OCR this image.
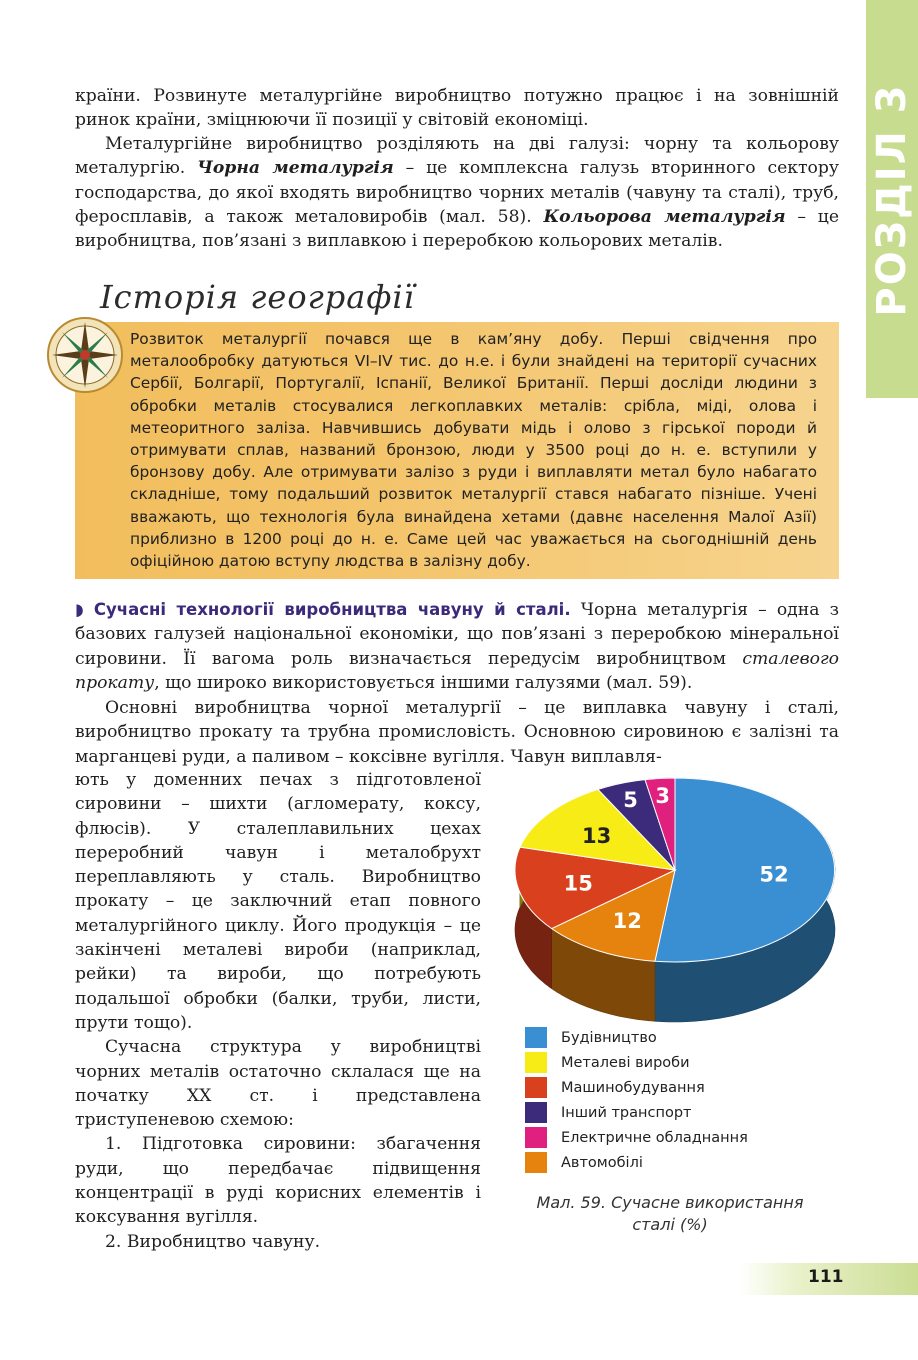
РОЗДІЛ 3

країни. Розвинуте металургійне виробництво потужно працює і на зовнішній ринок країни, зміцнюючи її позиції у світовій економіці.

Металургійне виробництво розділяють на дві галузі: чорну та кольорову металургію. Чорна металургія – це комплексна галузь вторинного сектору господарства, до якої входять виробництво чорних металів (чавуну та сталі), труб, феросплавів, а також металовиробів (мал. 58). Кольорова металургія – це виробництва, пов’язані з виплавкою і переробкою кольорових металів.

Історія географії

Розвиток металургії почався ще в кам’яну добу. Перші свідчення про металообробку датуються VI–IV тис. до н.е. і були знайдені на території сучасних Сербії, Болгарії, Португалії, Іспанії, Великої Британії. Перші досліди людини з обробки металів стосувалися легкоплавких металів: срібла, міді, олова і метеоритного заліза. Навчившись добувати мідь і олово з гірської породи й отримувати сплав, названий бронзою, люди у 3500 році до н. е. вступили у бронзову добу. Але отримувати залізо з руди і виплавляти метал було набагато складніше, тому подальший розвиток металургії стався набагато пізніше. Учені вважають, що технологія була винайдена хетами (давнє населення Малої Азії) приблизно в 1200 році до н. е. Саме цей час уважається на сьогоднішній день офіційною датою вступу людства в залізну добу.

◗ Сучасні технології виробництва чавуну й сталі. Чорна металургія – одна з базових галузей національної економіки, що пов’язані з переробкою мінеральної сировини. Її вагома роль визначається передусім виробництвом сталевого прокату, що широко використовується іншими галузями (мал. 59).

Основні виробництва чорної металургії – це виплавка чавуну і сталі, виробництво прокату та трубна промисловість. Основною сировиною є залізні та марганцеві руди, а паливом – коксівне вугілля. Чавун виплавля-

ють у доменних печах з підготовленої сировини – шихти (агломерату, коксу, флюсів). У сталеплавильних цехах переробний чавун і металобрухт переплавляють у сталь. Виробництво прокату – це заключний етап повного металургійного циклу. Його продукція – це закінчені металеві вироби (наприклад, рейки) та вироби, що потребують подальшої обробки (балки, труби, листи, прути тощо).

Сучасна структура у виробництві чорних металів остаточно склалася ще на початку ХХ ст. і представлена триступеневою схемою:

1. Підготовка сировини: збагачення руди, що передбачає підвищення концентрації в руді корисних елементів і коксування вугілля.

2. Виробництво чавуну.

52
12
15
13
5 3
Будівництво
Металеві вироби
Машинобудування
Інший транспорт
Електричне обладнання
Автомобілі
Мал. 59. Сучасне використання сталі (%)
111
